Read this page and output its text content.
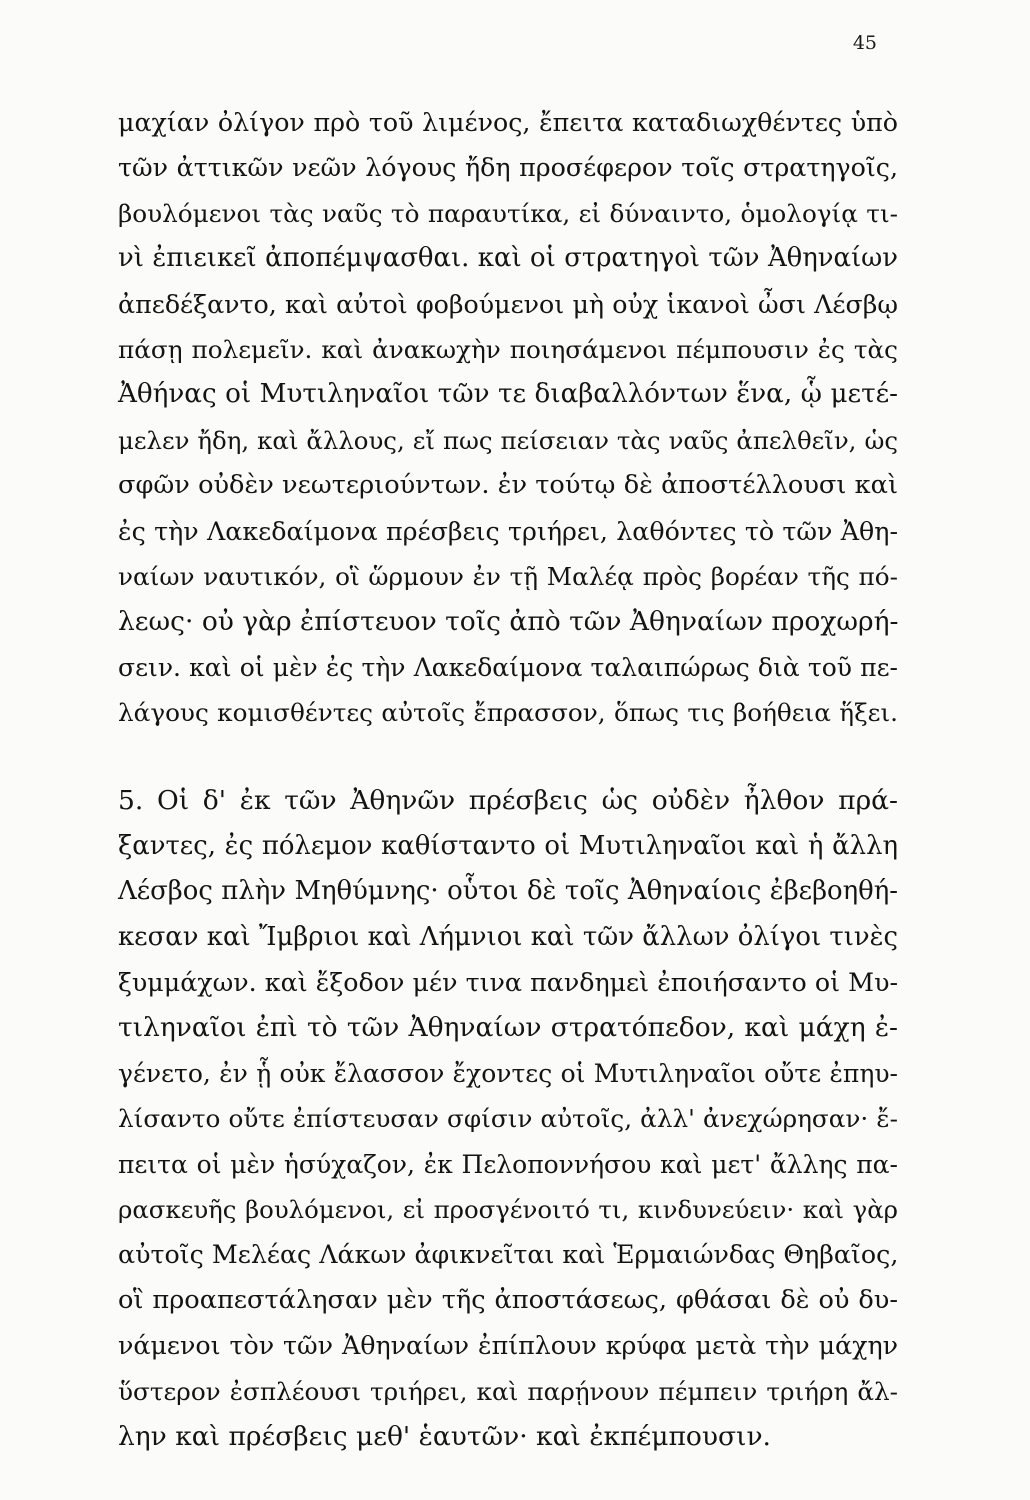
45
μαχίαν ὀλίγον πρὸ τοῦ λιμένος, ἔπειτα καταδιωχθέντες ὑπὸ
τῶν ἀττικῶν νεῶν λόγους ἤδη προσέφερον τοῖς στρατηγοῖς,
βουλόμενοι τὰς ναῦς τὸ παραυτίκα, εἰ δύναιντο, ὁμολογίᾳ τι-
νὶ ἐπιεικεῖ ἀποπέμψασθαι. καὶ οἱ στρατηγοὶ τῶν Ἀθηναίων
ἀπεδέξαντο, καὶ αὐτοὶ φοβούμενοι μὴ οὐχ ἱκανοὶ ὦσι Λέσβῳ
πάσῃ πολεμεῖν. καὶ ἀνακωχὴν ποιησάμενοι πέμπουσιν ἐς τὰς
Ἀθήνας οἱ Μυτιληναῖοι τῶν τε διαβαλλόντων ἕνα, ᾧ μετέ-
μελεν ἤδη, καὶ ἄλλους, εἴ πως πείσειαν τὰς ναῦς ἀπελθεῖν, ὡς
σφῶν οὐδὲν νεωτεριούντων. ἐν τούτῳ δὲ ἀποστέλλουσι καὶ
ἐς τὴν Λακεδαίμονα πρέσβεις τριήρει, λαθόντες τὸ τῶν Ἀθη-
ναίων ναυτικόν, οἳ ὥρμουν ἐν τῇ Μαλέᾳ πρὸς βορέαν τῆς πό-
λεως· οὐ γὰρ ἐπίστευον τοῖς ἀπὸ τῶν Ἀθηναίων προχωρή-
σειν. καὶ οἱ μὲν ἐς τὴν Λακεδαίμονα ταλαιπώρως διὰ τοῦ πε-
λάγους κομισθέντες αὐτοῖς ἔπρασσον, ὅπως τις βοήθεια ἥξει.
5. Οἱ δ' ἐκ τῶν Ἀθηνῶν πρέσβεις ὡς οὐδὲν ἦλθον πρά-
ξαντες, ἐς πόλεμον καθίσταντο οἱ Μυτιληναῖοι καὶ ἡ ἄλλη
Λέσβος πλὴν Μηθύμνης· οὗτοι δὲ τοῖς Ἀθηναίοις ἐβεβοηθή-
κεσαν καὶ Ἴμβριοι καὶ Λήμνιοι καὶ τῶν ἄλλων ὀλίγοι τινὲς
ξυμμάχων. καὶ ἔξοδον μέν τινα πανδημεὶ ἐποιήσαντο οἱ Μυ-
τιληναῖοι ἐπὶ τὸ τῶν Ἀθηναίων στρατόπεδον, καὶ μάχη ἐ-
γένετο, ἐν ᾗ οὐκ ἔλασσον ἔχοντες οἱ Μυτιληναῖοι οὔτε ἐπηυ-
λίσαντο οὔτε ἐπίστευσαν σφίσιν αὐτοῖς, ἀλλ' ἀνεχώρησαν· ἔ-
πειτα οἱ μὲν ἡσύχαζον, ἐκ Πελοποννήσου καὶ μετ' ἄλλης πα-
ρασκευῆς βουλόμενοι, εἰ προσγένοιτό τι, κινδυνεύειν· καὶ γὰρ
αὐτοῖς Μελέας Λάκων ἀφικνεῖται καὶ Ἑρμαιώνδας Θηβαῖος,
οἳ προαπεστάλησαν μὲν τῆς ἀποστάσεως, φθάσαι δὲ οὐ δυ-
νάμενοι τὸν τῶν Ἀθηναίων ἐπίπλουν κρύφα μετὰ τὴν μάχην
ὕστερον ἐσπλέουσι τριήρει, καὶ παρῄνουν πέμπειν τριήρη ἄλ-
λην καὶ πρέσβεις μεθ' ἑαυτῶν· καὶ ἐκπέμπουσιν.
